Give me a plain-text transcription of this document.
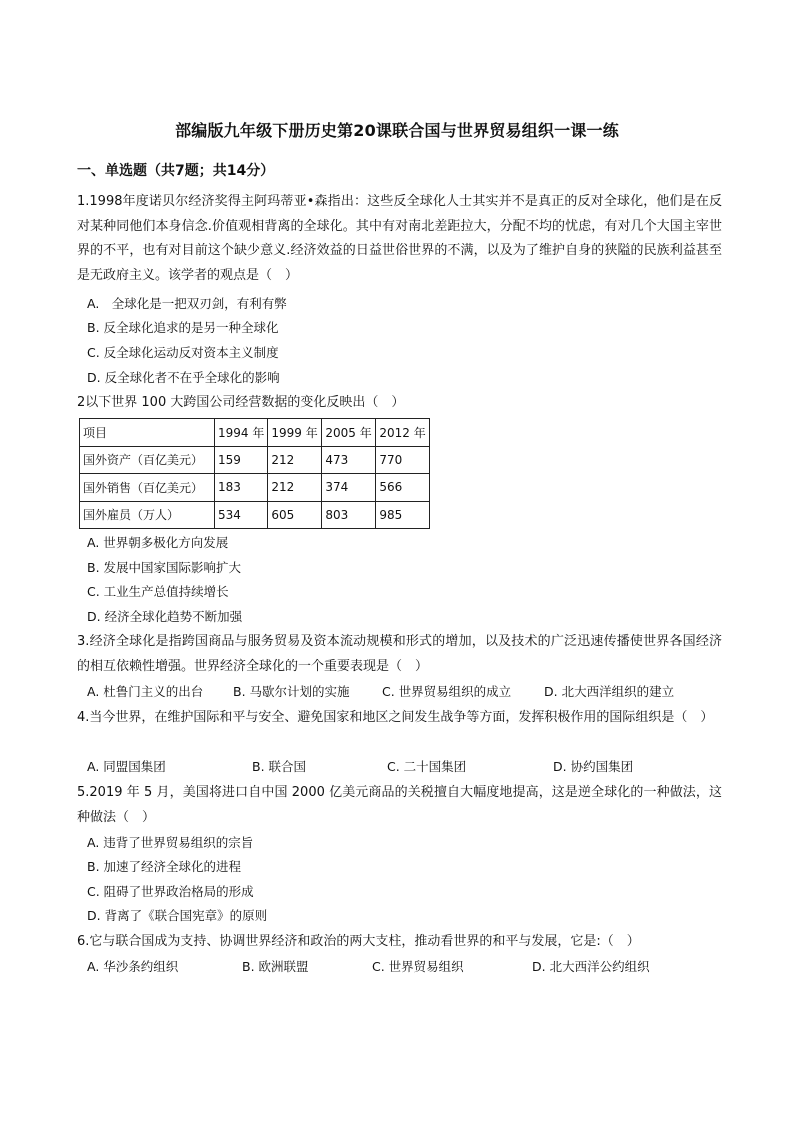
部编版九年级下册历史第20课联合国与世界贸易组织一课一练
一、单选题（共7题；共14分）
1.1998年度诺贝尔经济奖得主阿玛蒂亚•森指出：这些反全球化人士其实并不是真正的反对全球化，他们是在反对某种同他们本身信念.价值观相背离的全球化。其中有对南北差距拉大，分配不均的忧虑，有对几个大国主宰世界的不平，也有对目前这个缺少意义.经济效益的日益世俗世界的不满，以及为了维护自身的狭隘的民族利益甚至是无政府主义。该学者的观点是（　）
A.　全球化是一把双刃剑，有利有弊
B. 反全球化追求的是另一种全球化
C. 反全球化运动反对资本主义制度
D. 反全球化者不在乎全球化的影响
2以下世界 100 大跨国公司经营数据的变化反映出（　）
项目	1994 年	1999 年	2005 年	2012 年
国外资产（百亿美元）	159	212	473	770
国外销售（百亿美元）	183	212	374	566
国外雇员（万人）	534	605	803	985
A. 世界朝多极化方向发展
B. 发展中国家国际影响扩大
C. 工业生产总值持续增长
D. 经济全球化趋势不断加强
3.经济全球化是指跨国商品与服务贸易及资本流动规模和形式的增加，以及技术的广泛迅速传播使世界各国经济的相互依赖性增强。世界经济全球化的一个重要表现是（　）
A. 杜鲁门主义的出台 B. 马歇尔计划的实施	C. 世界贸易组织的成立	D. 北大西洋组织的建立
4.当今世界，在维护国际和平与安全、避免国家和地区之间发生战争等方面，发挥积极作用的国际组织是（　）
A. 同盟国集团	B. 联合国	C. 二十国集团	D. 协约国集团
5.2019 年 5 月，美国将进口自中国 2000 亿美元商品的关税擅自大幅度地提高，这是逆全球化的一种做法，这种做法（　）
A. 违背了世界贸易组织的宗旨
B. 加速了经济全球化的进程
C. 阻碍了世界政治格局的形成
D. 背离了《联合国宪章》的原则
6.它与联合国成为支持、协调世界经济和政治的两大支柱，推动看世界的和平与发展，它是:（　）
A. 华沙条约组织	B. 欧洲联盟	C. 世界贸易组织	D. 北大西洋公约组织
